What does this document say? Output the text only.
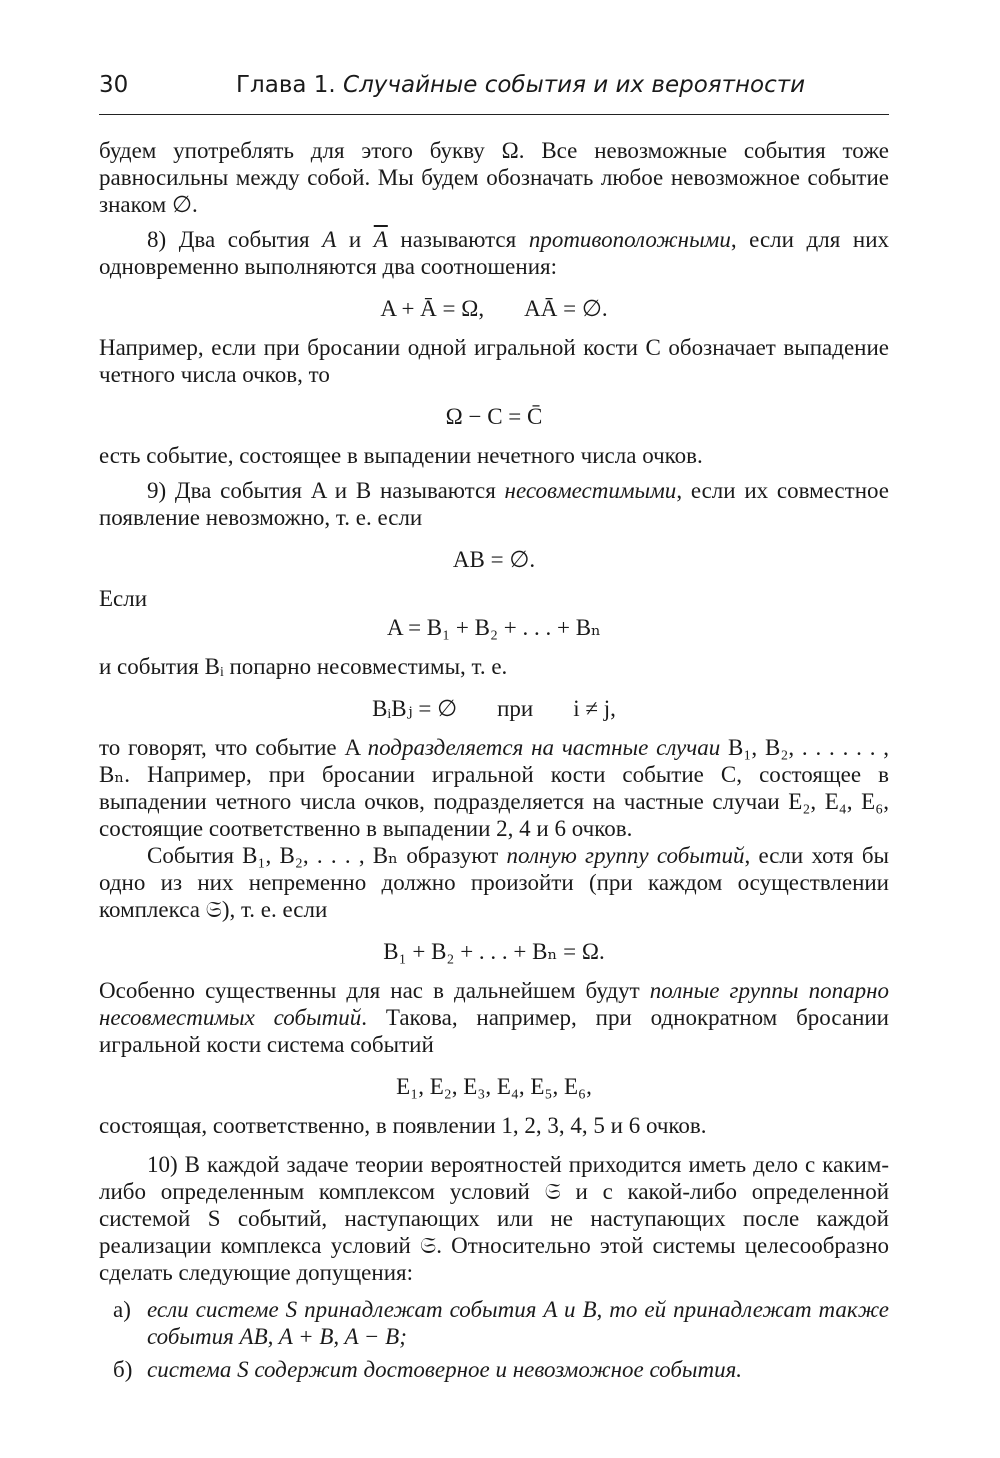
30	Глава 1.
Случайные события и их вероятности

будем употреблять для этого букву Ω. Все невозможные события тоже равносильны между собой. Мы будем обозначать любое невозможное событие знаком ∅.

8) Два события A и $\overline{A}$ называются противоположными, если для них одновременно выполняются два соотношения:

A + Ā = Ω, AĀ = ∅.

Например, если при бросании одной игральной кости C обозначает выпадение четного числа очков, то

Ω − C = C̄

есть событие, состоящее в выпадении нечетного числа очков.

9) Два события A и B называются несовместимыми, если их совместное появление невозможно, т. е. если

AB = ∅.

Если

A = B₁ + B₂ + . . . + Bₙ

и события Bᵢ попарно несовместимы, т. е.

BᵢBⱼ = ∅ при i ≠ j,

то говорят, что событие A подразделяется на частные случаи B₁, B₂, . . . . . . , Bₙ. Например, при бросании игральной кости событие C, состоящее в выпадении четного числа очков, подразделяется на частные случаи E₂, E₄, E₆, состоящие соответственно в выпадении 2, 4 и 6 очков.

События B₁, B₂, . . . , Bₙ образуют полную группу событий, если хотя бы одно из них непременно должно произойти (при каждом осуществлении комплекса 𝔖), т. е. если

B₁ + B₂ + . . . + Bₙ = Ω.

Особенно существенны для нас в дальнейшем будут полные группы попарно несовместимых событий. Такова, например, при однократном бросании игральной кости система событий

E₁, E₂, E₃, E₄, E₅, E₆,

состоящая, соответственно, в появлении 1, 2, 3, 4, 5 и 6 очков.

10) В каждой задаче теории вероятностей приходится иметь дело с каким-либо определенным комплексом условий 𝔖 и с какой-либо определенной системой S событий, наступающих или не наступающих после каждой реализации комплекса условий 𝔖. Относительно этой системы целесообразно сделать следующие допущения:

а) если системе S принадлежат события A и B, то ей принадлежат также события AB, A + B, A − B;
б) система S содержит достоверное и невозможное события.
